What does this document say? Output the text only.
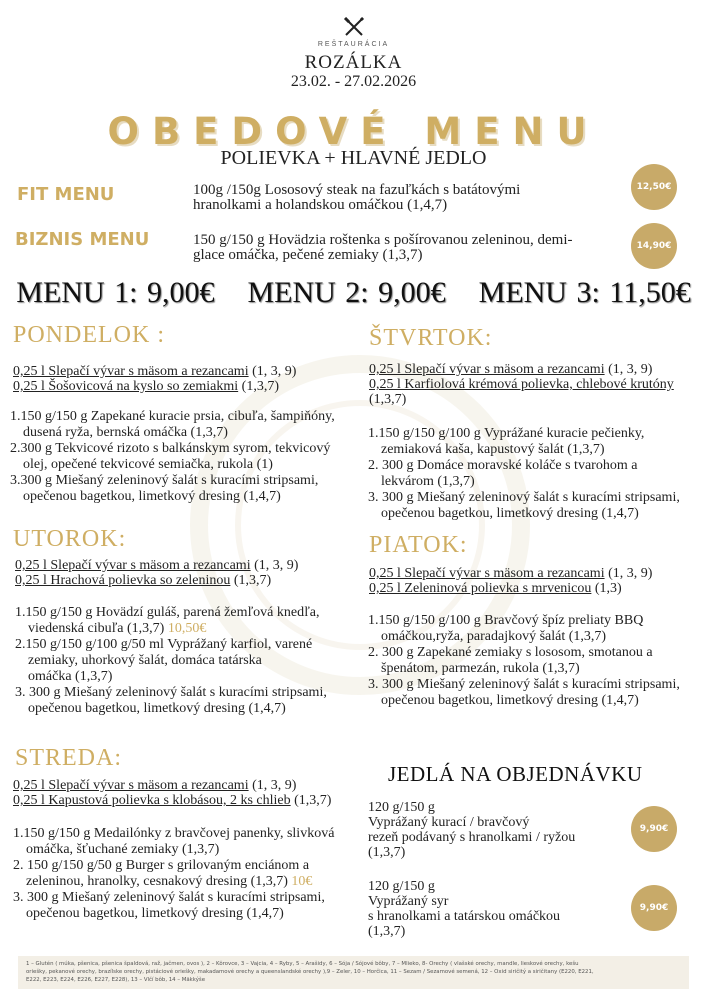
REŠTAURÁCIA
ROZÁLKA
23.02. - 27.02.2026
OBEDOVÉ MENU
POLIEVKA + HLAVNÉ JEDLO
FIT MENU	100g /150g Lososový steak na fazuľkách s batátovými
hranolkami a holandskou omáčkou (1,4,7)
12,50€
BIZNIS MENU	150 g/150 g Hovädzia roštenka s pošírovanou zeleninou, demi-
glace omáčka, pečené zemiaky (1,3,7)
14,90€
MENU 1: 9,00€ MENU 2: 9,00€ MENU 3: 11,50€
PONDELOK :
0,25 l Slepačí vývar s mäsom a rezancami (1, 3, 9)
0,25 l Šošovicová na kyslo so zemiakmi (1,3,7)
1.150 g/150 g Zapekané kuracie prsia, cibuľa, šampiňóny,
dusená ryža, bernská omáčka (1,3,7)
2.300 g Tekvicové rizoto s balkánskym syrom, tekvicový
olej, opečené tekvicové semiačka, rukola (1)
3.300 g Miešaný zeleninový šalát s kuracími stripsami,
opečenou bagetkou, limetkový dresing (1,4,7)
UTOROK:
0,25 l Slepačí vývar s mäsom a rezancami (1, 3, 9)
0,25 l Hrachová polievka so zeleninou (1,3,7)
1.150 g/150 g Hovädzí guláš, parená žemľová knedľa,
viedenská cibuľa (1,3,7) 10,50€
2.150 g/150 g/100 g/50 ml Vyprážaný karfiol, varené
zemiaky, uhorkový šalát, domáca tatárska
omáčka (1,3,7)
3. 300 g Miešaný zeleninový šalát s kuracími stripsami,
opečenou bagetkou, limetkový dresing (1,4,7)
STREDA:
0,25 l Slepačí vývar s mäsom a rezancami (1, 3, 9)
0,25 l Kapustová polievka s klobásou, 2 ks chlieb (1,3,7)
1.150 g/150 g Medailónky z bravčovej panenky, slivková
omáčka, šťuchané zemiaky (1,3,7)
2. 150 g/150 g/50 g Burger s grilovaným enciánom a
zeleninou, hranolky, cesnakový dresing (1,3,7) 10€
3. 300 g Miešaný zeleninový šalát s kuracími stripsami,
opečenou bagetkou, limetkový dresing (1,4,7)
ŠTVRTOK:
0,25 l Slepačí vývar s mäsom a rezancami (1, 3, 9)
0,25 l Karfiolová krémová polievka, chlebové krutóny
(1,3,7)
1.150 g/150 g/100 g Vyprážané kuracie pečienky,
zemiaková kaša, kapustový šalát (1,3,7)
2. 300 g Domáce moravské koláče s tvarohom a
lekvárom (1,3,7)
3. 300 g Miešaný zeleninový šalát s kuracími stripsami,
opečenou bagetkou, limetkový dresing (1,4,7)
PIATOK:
0,25 l Slepačí vývar s mäsom a rezancami (1, 3, 9)
0,25 l Zeleninová polievka s mrvenicou (1,3)
1.150 g/150 g/100 g Bravčový špíz preliaty BBQ
omáčkou,ryža, paradajkový šalát (1,3,7)
2. 300 g Zapekané zemiaky s lososom, smotanou a
špenátom, parmezán, rukola (1,3,7)
3. 300 g Miešaný zeleninový šalát s kuracími stripsami,
opečenou bagetkou, limetkový dresing (1,4,7)
JEDLÁ NA OBJEDNÁVKU
120 g/150 g
Vyprážaný kurací / bravčový
rezeň podávaný s hranolkami / ryžou
(1,3,7)
9,90€
120 g/150 g
Vyprážaný syr
s hranolkami a tatárskou omáčkou
(1,3,7)
9,90€
1 – Glutén ( múka, pšenica, pšenica špaldová, raž, jačmen, ovos ), 2 – Kôrovce, 3 – Vajcia, 4 – Ryby, 5 – Arašidy, 6 – Sója / Sójové bôby, 7 – Mlieko, 8- Orechy ( vlašské orechy, mandle, lieskové orechy, kešu
oriešky, pekanové orechy, brazílske orechy, pistáciové oriešky, makadamové orechy a queenslandské orechy ),9 – Zeler, 10 – Horčica, 11 – Sezam / Sezamové semená, 12 – Oxid siričitý a siričitany (E220, E221,
E222, E223, E224, E226, E227, E228), 13 – Vlčí bôb, 14 – Mäkkýše
